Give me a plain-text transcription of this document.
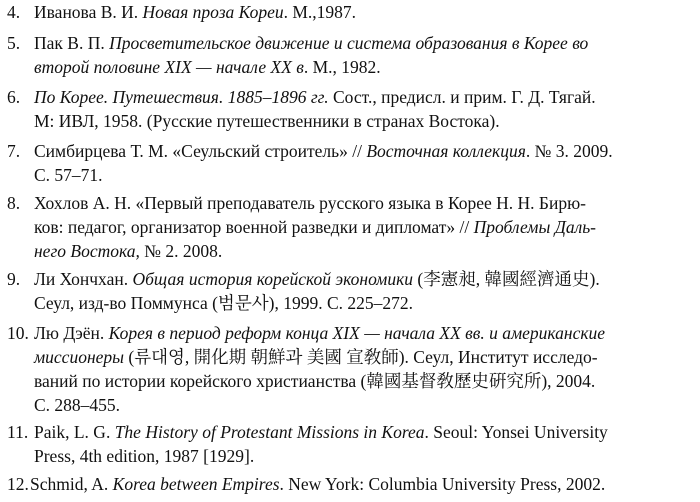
4. Иванова В. И. Новая проза Кореи. М.,1987.
5. Пак В. П. Просветительское движение и система образования в Корее во
второй половине XIX — начале XX в. М., 1982.
6. По Корее. Путешествия. 1885–1896 гг. Сост., предисл. и прим. Г. Д. Тягай.
М: ИВЛ, 1958. (Русские путешественники в странах Востока).
7. Симбирцева Т. М. «Сеульский строитель» // Восточная коллекция. № 3. 2009.
С. 57–71.
8. Хохлов А. Н. «Первый преподаватель русского языка в Корее Н. Н. Бирю-
ков: педагог, организатор военной разведки и дипломат» // Проблемы Даль-
него Востока, № 2. 2008.
9. Ли Хончхан. Общая история корейской экономики (李憲昶, 韓國經濟通史).
Сеул, изд-во Поммунса (범문사), 1999. С. 225–272.
10. Лю Дэён. Корея в период реформ конца XIX — начала XX вв. и американские
миссионеры (류대영, 開化期 朝鮮과 美國 宣敎師). Сеул, Институт исследо-
ваний по истории корейского христианства (韓國基督敎歷史硏究所), 2004.
С. 288–455.
11. Paik, L. G. The History of Protestant Missions in Korea. Seoul: Yonsei University
Press, 4th edition, 1987 [1929].
12. Schmid, A. Korea between Empires. New York: Columbia University Press, 2002.
